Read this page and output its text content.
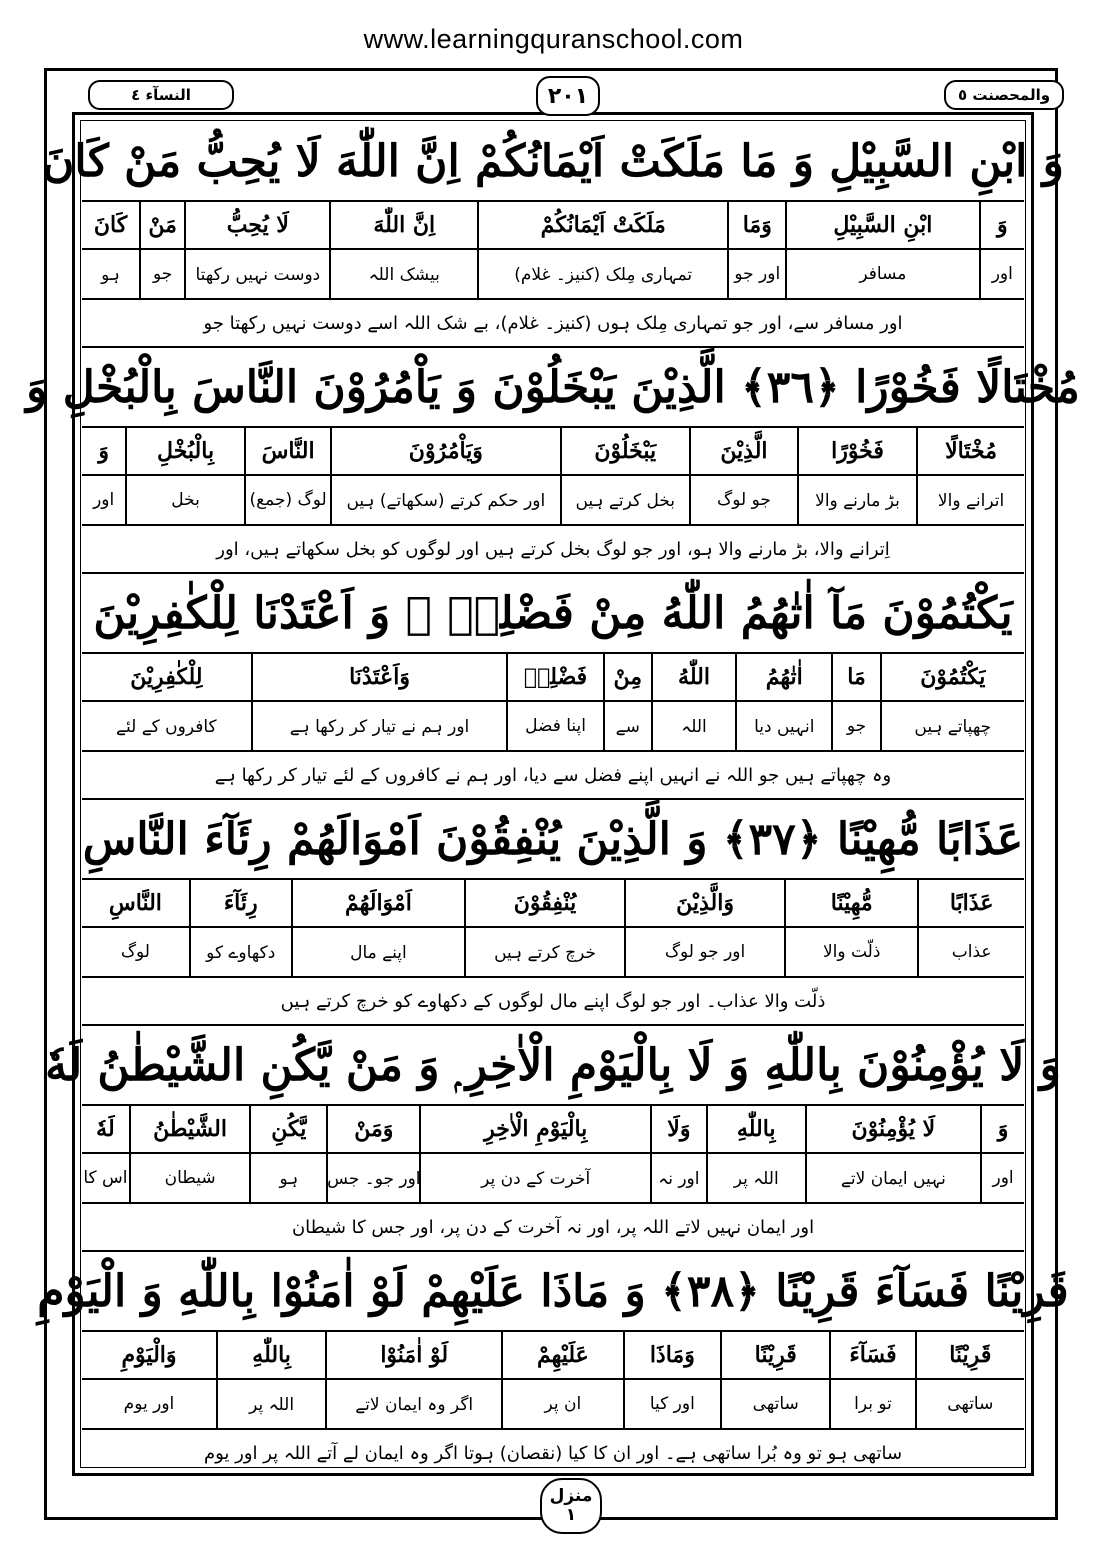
www.learningquranschool.com
النسآء ٤	والمحصنت ٥
٢٠١
وَ ابْنِ السَّبِيْلِ وَ مَا مَلَكَتْ اَيْمَانُكُمْ اِنَّ اللّٰهَ لَا يُحِبُّ مَنْ كَانَ
وَ
ابْنِ السَّبِيْلِ
وَمَا
مَلَكَتْ اَيْمَانُكُمْ
اِنَّ اللّٰهَ
لَا يُحِبُّ
مَنْ
كَانَ
اور
مسافر
اور جو
تمہاری مِلک (کنیز۔ غلام)
بیشک اللہ
دوست نہیں رکھتا
جو
ہو
اور مسافر سے، اور جو تمہاری مِلک ہوں (کنیز۔ غلام)، بے شک اللہ اسے دوست نہیں رکھتا جو
مُخْتَالًا فَخُوْرًا ﴿٣٦﴾ الَّذِيْنَ يَبْخَلُوْنَ وَ يَاْمُرُوْنَ النَّاسَ بِالْبُخْلِ وَ
مُخْتَالًا
فَخُوْرًا
الَّذِيْنَ
يَبْخَلُوْنَ
وَيَاْمُرُوْنَ
النَّاسَ
بِالْبُخْلِ
وَ
اترانے والا
بڑ مارنے والا
جو لوگ
بخل کرتے ہیں
اور حکم کرتے (سکھاتے) ہیں
لوگ (جمع)
بخل
اور
اِترانے والا، بڑ مارنے والا ہو، اور جو لوگ بخل کرتے ہیں اور لوگوں کو بخل سکھاتے ہیں، اور
يَكْتُمُوْنَ مَآ اٰتٰهُمُ اللّٰهُ مِنْ فَضْلِهٖ ۭ وَ اَعْتَدْنَا لِلْكٰفِرِيْنَ
يَكْتُمُوْنَ
مَا
اٰتٰهُمُ
اللّٰهُ
مِنْ
فَضْلِهٖ
وَاَعْتَدْنَا
لِلْكٰفِرِيْنَ
چھپاتے ہیں
جو
انہیں دیا
اللہ
سے
اپنا فضل
اور ہم نے تیار کر رکھا ہے
کافروں کے لئے
وہ چھپاتے ہیں جو اللہ نے انہیں اپنے فضل سے دیا، اور ہم نے کافروں کے لئے تیار کر رکھا ہے
عَذَابًا مُّهِيْنًا ﴿٣٧﴾ وَ الَّذِيْنَ يُنْفِقُوْنَ اَمْوَالَهُمْ رِئَآءَ النَّاسِ
عَذَابًا
مُّهِيْنًا
وَالَّذِيْنَ
يُنْفِقُوْنَ
اَمْوَالَهُمْ
رِئَآءَ
النَّاسِ
عذاب
ذلّت والا
اور جو لوگ
خرچ کرتے ہیں
اپنے مال
دکھاوے کو
لوگ
ذلّت والا عذاب۔ اور جو لوگ اپنے مال لوگوں کے دکھاوے کو خرچ کرتے ہیں
وَ لَا يُؤْمِنُوْنَ بِاللّٰهِ وَ لَا بِالْيَوْمِ الْاٰخِرِ ۭ وَ مَنْ يَّكُنِ الشَّيْطٰنُ لَهٗ
وَ
لَا يُؤْمِنُوْنَ
بِاللّٰهِ
وَلَا
بِالْيَوْمِ الْاٰخِرِ
وَمَنْ
يَّكُنِ
الشَّيْطٰنُ
لَهٗ
اور
نہیں ایمان لاتے
اللہ پر
اور نہ
آخرت کے دن پر
اور جو۔ جس
ہو
شیطان
اس کا
اور ایمان نہیں لاتے اللہ پر، اور نہ آخرت کے دن پر، اور جس کا شیطان
قَرِيْنًا فَسَآءَ قَرِيْنًا ﴿٣٨﴾ وَ مَاذَا عَلَيْهِمْ لَوْ اٰمَنُوْا بِاللّٰهِ وَ الْيَوْمِ
قَرِيْنًا
فَسَآءَ
قَرِيْنًا
وَمَاذَا
عَلَيْهِمْ
لَوْ اٰمَنُوْا
بِاللّٰهِ
وَالْيَوْمِ
ساتھی
تو برا
ساتھی
اور کیا
ان پر
اگر وہ ایمان لاتے
اللہ پر
اور یوم
ساتھی ہو تو وہ بُرا ساتھی ہے۔ اور ان کا کیا (نقصان) ہوتا اگر وہ ایمان لے آتے اللہ پر اور یوم
منزل
١
